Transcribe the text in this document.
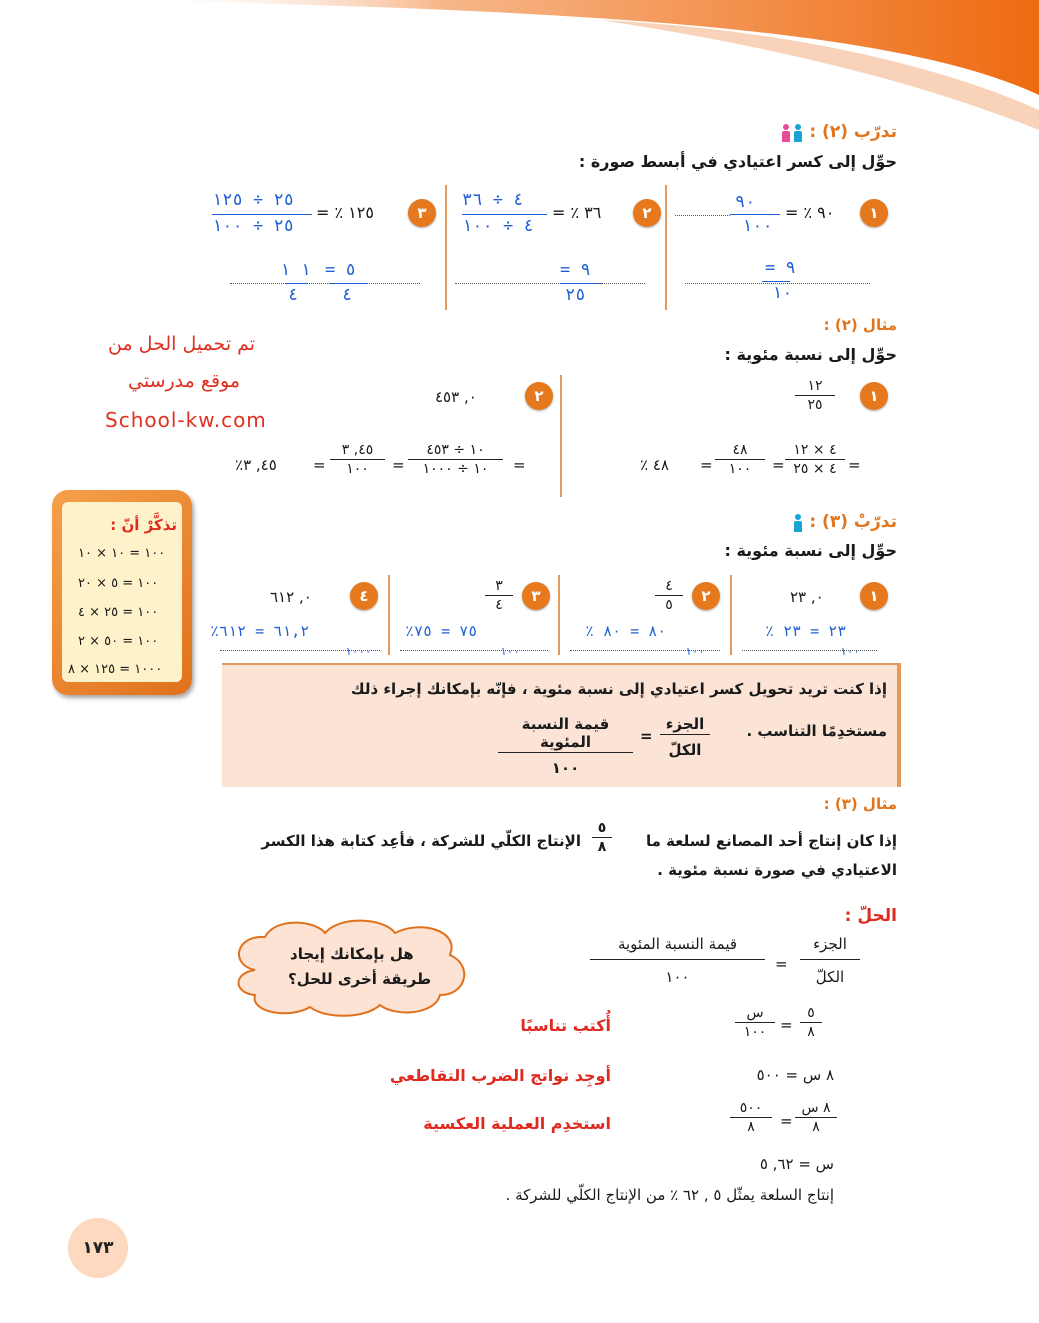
تدرّب (٢) :
حوِّل إلى كسر اعتيادي في أبسط صورة :
١
= ٪ ٩٠
٩٠
١٠٠
= ٩
١٠
٢
= ٪ ٣٦
٤ ÷ ٣٦
٤ ÷ ١٠٠
= ٩
٢٥
٣
= ٪ ١٢٥
٢٥ ÷ ١٢٥
٢٥ ÷ ١٠٠
= ٥
٤
١ ١
٤
تم تحميل الحل من
موقع مدرستي
School-kw.com
مثال (٢) :
حوِّل إلى نسبة مئوية :
١
١٢
٢٥
=
٤ × ١٢
٤ × ٢٥
=
٤٨
١٠٠
=
٪ ٤٨
٢
٠, ٤٥٣
=
١٠ ÷ ٤٥٣
١٠ ÷ ١٠٠٠
=
٤٥, ٣
١٠٠
=
٪٤٥, ٣
تذكَّرْ أنّ :
١٠٠ = ١٠ × ١٠
١٠٠ = ٥ × ٢٠
١٠٠ = ٢٥ × ٤
١٠٠ = ٥٠ × ٢
١٠٠٠ = ١٢٥ × ٨
تدرّبْ (٣) :
حوِّل إلى نسبة مئوية :
١
٠, ٢٣
٪ ٢٣ = ٢٣
١٠٠
٢
٤
٥
٪ ٨٠ = ٨٠
١٠٠
٣
٣
٤
٪٧٥ = ٧٥
١٠٠
٤
٠, ٦١٢
٪٦١,٢ = ٦١٢
١٠٠٠
إذا كنت تريد تحويل كسر اعتيادي إلى نسبة مئوية ، فإنّه بإمكانك إجراء ذلك
مستخدِمًا التناسب .
الجزء
الكلّ
=
قيمة النسبة المئوية
١٠٠
مثال (٣) :
إذا كان إنتاج أحد المصانع لسلعة ما
٥
٨
الإنتاج الكلّي للشركة ، فأعِد كتابة هذا الكسر
الاعتيادي في صورة نسبة مئوية .
الحلّ :
هل بإمكانك إيجاد
طريقة أخرى للحل؟
الجزء
الكلّ
=
قيمة النسبة المئوية
١٠٠
أُكتب تناسبًا
٥
٨
=
س
١٠٠
أوجِد نواتج الضرب التقاطعي	٨ س = ٥٠٠
استخدِم العملية العكسية
٨ س
٨
=
٥٠٠
٨
س = ٦٢, ٥
إنتاج السلعة يمثّل ٥ , ٦٢ ٪ من الإنتاج الكلّي للشركة .
١٧٣
